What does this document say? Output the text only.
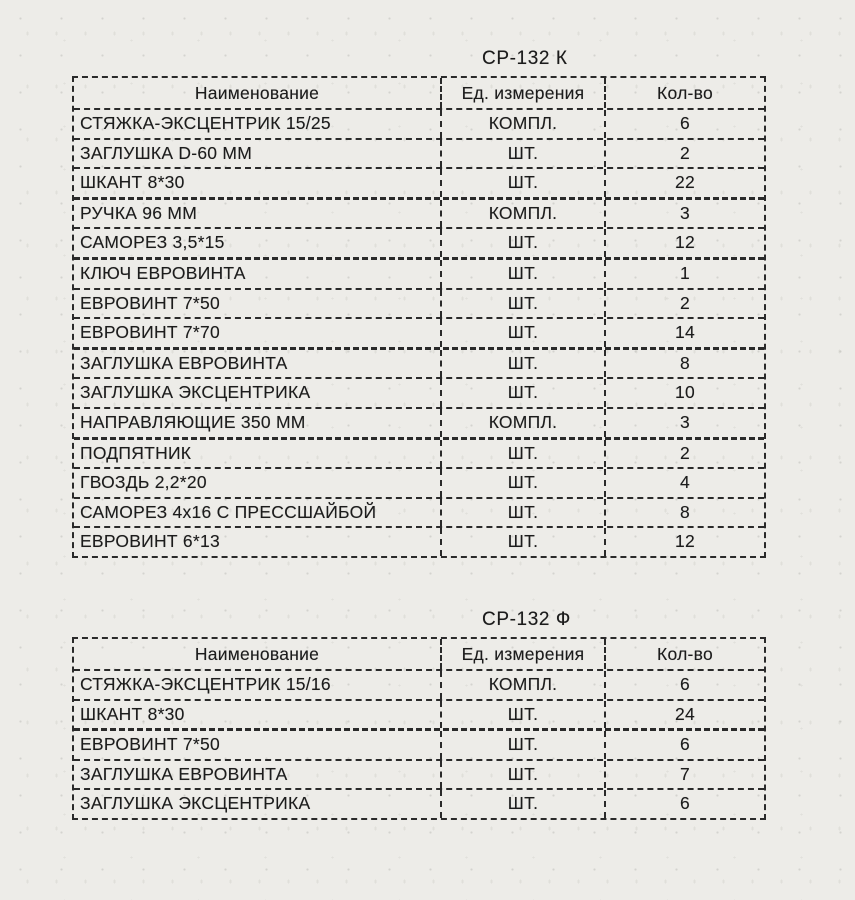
СР-132 К
Наименование	Ед. измерения	Кол-во
СТЯЖКА-ЭКСЦЕНТРИК 15/25	КОМПЛ.	6
ЗАГЛУШКА D-60 ММ	ШТ.	2
ШКАНТ 8*30	ШТ.	22
РУЧКА 96 ММ	КОМПЛ.	3
САМОРЕЗ 3,5*15	ШТ.	12
КЛЮЧ ЕВРОВИНТА	ШТ.	1
ЕВРОВИНТ 7*50	ШТ.	2
ЕВРОВИНТ 7*70	ШТ.	14
ЗАГЛУШКА ЕВРОВИНТА	ШТ.	8
ЗАГЛУШКА ЭКСЦЕНТРИКА	ШТ.	10
НАПРАВЛЯЮЩИЕ 350 ММ	КОМПЛ.	3
ПОДПЯТНИК	ШТ.	2
ГВОЗДЬ 2,2*20	ШТ.	4
САМОРЕЗ 4х16 С ПРЕССШАЙБОЙ	ШТ.	8
ЕВРОВИНТ 6*13	ШТ.	12
СР-132 Ф
Наименование	Ед. измерения	Кол-во
СТЯЖКА-ЭКСЦЕНТРИК 15/16	КОМПЛ.	6
ШКАНТ 8*30	ШТ.	24
ЕВРОВИНТ 7*50	ШТ.	6
ЗАГЛУШКА ЕВРОВИНТА	ШТ.	7
ЗАГЛУШКА ЭКСЦЕНТРИКА	ШТ.	6
